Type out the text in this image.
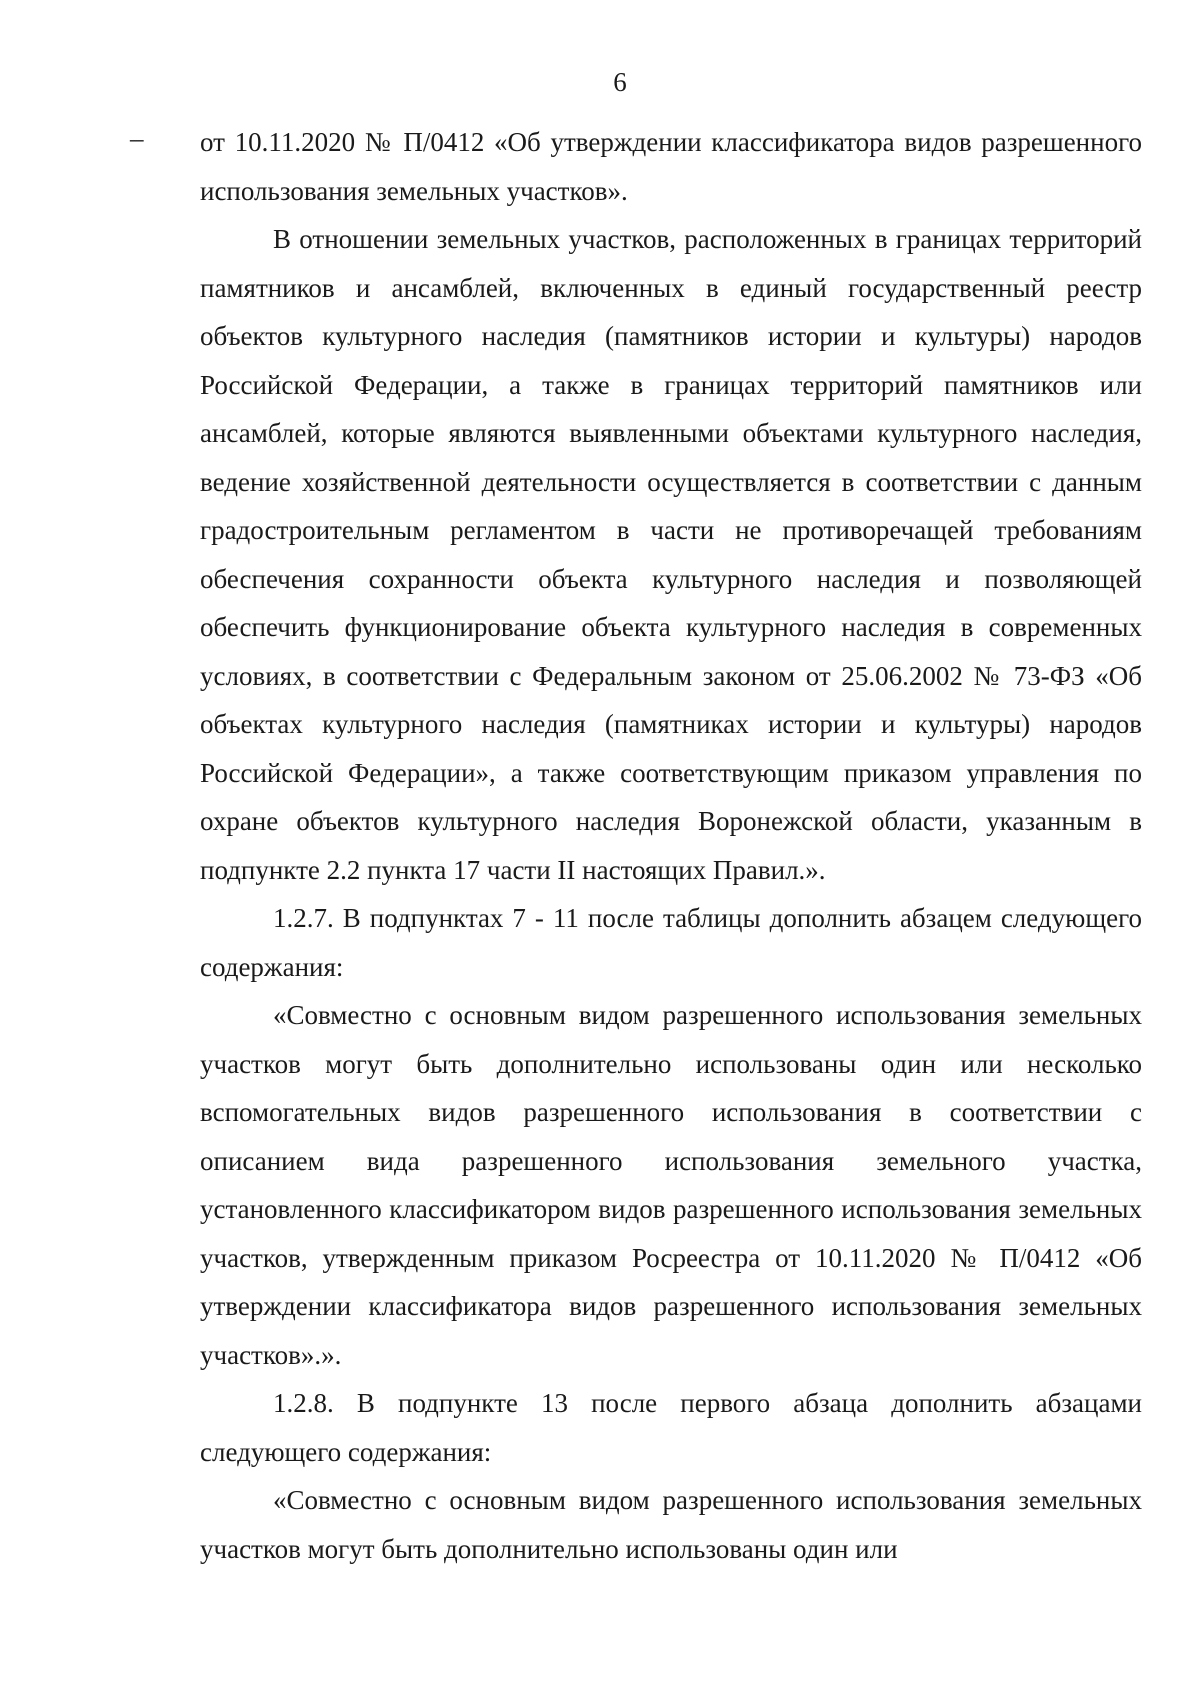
6
– от 10.11.2020 № П/0412 «Об утверждении классификатора видов разрешенного использования земельных участков».

В отношении земельных участков, расположенных в границах территорий памятников и ансамблей, включенных в единый государственный реестр объектов культурного наследия (памятников истории и культуры) народов Российской Федерации, а также в границах территорий памятников или ансамблей, которые являются выявленными объектами культурного наследия, ведение хозяйственной деятельности осуществляется в соответствии с данным градостроительным регламентом в части не противоречащей требованиям обеспечения сохранности объекта культурного наследия и позволяющей обеспечить функционирование объекта культурного наследия в современных условиях, в соответствии с Федеральным законом от 25.06.2002 № 73-ФЗ «Об объектах культурного наследия (памятниках истории и культуры) народов Российской Федерации», а также соответствующим приказом управления по охране объектов культурного наследия Воронежской области, указанным в подпункте 2.2 пункта 17 части II настоящих Правил.».

1.2.7. В подпунктах 7 - 11 после таблицы дополнить абзацем следующего содержания:

«Совместно с основным видом разрешенного использования земельных участков могут быть дополнительно использованы один или несколько вспомогательных видов разрешенного использования в соответствии с описанием вида разрешенного использования земельного участка, установленного классификатором видов разрешенного использования земельных участков, утвержденным приказом Росреестра от 10.11.2020 № П/0412 «Об утверждении классификатора видов разрешенного использования земельных участков».».

1.2.8. В подпункте 13 после первого абзаца дополнить абзацами следующего содержания:

«Совместно с основным видом разрешенного использования земельных участков могут быть дополнительно использованы один или
